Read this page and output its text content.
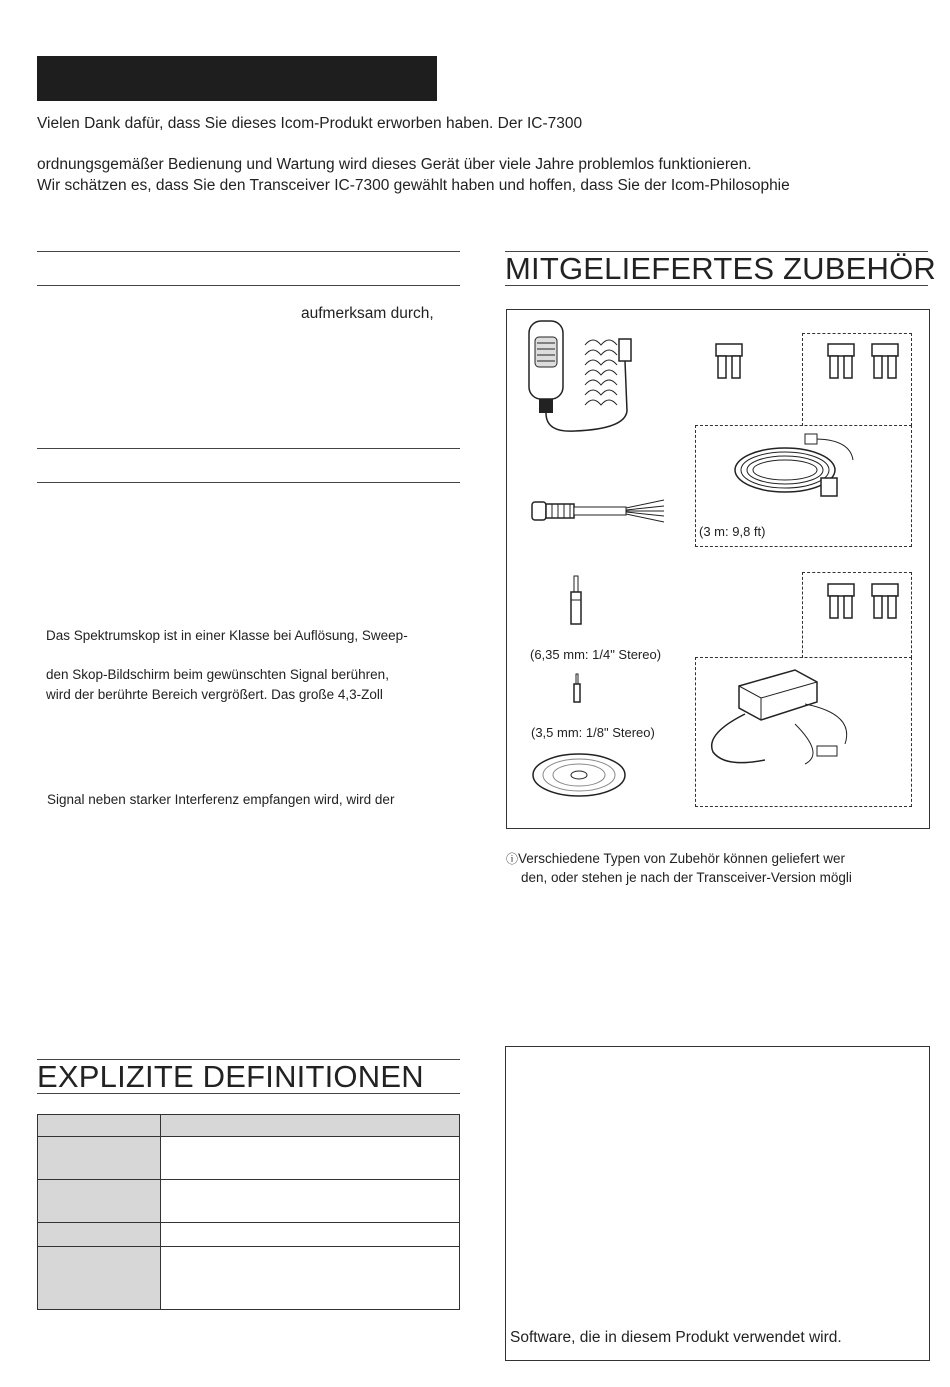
Vielen Dank dafür, dass Sie dieses Icom-Produkt erworben haben. Der IC-7300
ordnungsgemäßer Bedienung und Wartung wird dieses Gerät über viele Jahre problemlos funktionieren.
Wir schätzen es, dass Sie den Transceiver IC-7300 gewählt haben und hoffen, dass Sie der Icom-Philosophie
aufmerksam durch,
Das Spektrumskop ist in einer Klasse bei Auflösung, Sweep-
den Skop-Bildschirm beim gewünschten Signal berühren,
wird der berührte Bereich vergrößert. Das große 4,3-Zoll
Signal neben starker Interferenz empfangen wird, wird der
MITGELIEFERTES ZUBEHÖR
(3 m: 9,8 ft)
(6,35 mm: 1/4" Stereo)
(3,5 mm: 1/8" Stereo)
ⓘVerschiedene Typen von Zubehör können geliefert wer
den, oder stehen je nach der Transceiver-Version mögli
EXPLIZITE DEFINITIONEN

Software, die in diesem Produkt verwendet wird.
